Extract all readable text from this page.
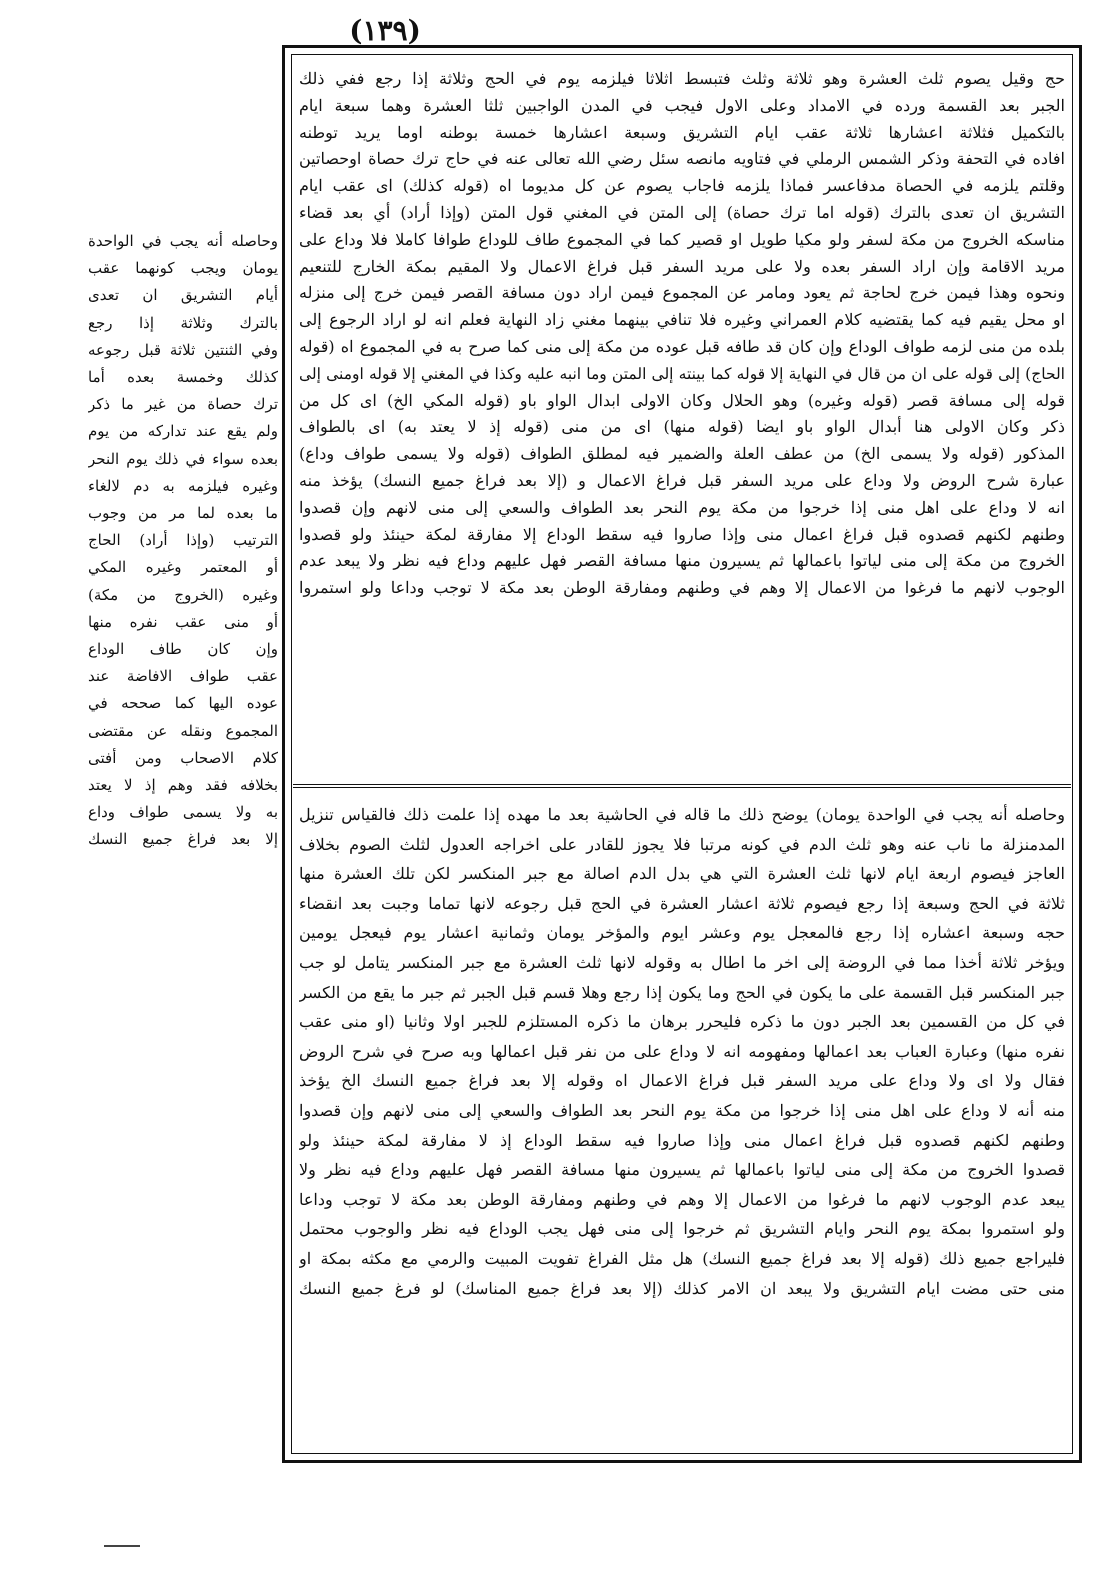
(١٣٩)
حج وقيل يصوم ثلث العشرة وهو ثلاثة وثلث فتبسط اثلاثا فيلزمه يوم في الحج وثلاثة إذا رجع ففي ذلك
الجبر بعد القسمة ورده في الامداد وعلى الاول فيجب في المدن الواجبين ثلثا العشرة وهما سبعة ايام
بالتكميل فثلاثة اعشارها ثلاثة عقب ايام التشريق وسبعة اعشارها خمسة بوطنه اوما يريد توطنه
افاده في التحفة وذكر الشمس الرملي في فتاويه مانصه سئل رضي الله تعالى عنه في حاج ترك حصاة اوحصاتين
وقلتم يلزمه في الحصاة مدفاعسر فماذا يلزمه فاجاب يصوم عن كل مديوما اه (قوله كذلك) اى عقب ايام
التشريق ان تعدى بالترك (قوله اما ترك حصاة) إلى المتن في المغني قول المتن (وإذا أراد) أي بعد قضاء
مناسكه الخروج من مكة لسفر ولو مكيا طويل او قصير كما في المجموع طاف للوداع طوافا كاملا فلا وداع على
مريد الاقامة وإن اراد السفر بعده ولا على مريد السفر قبل فراغ الاعمال ولا المقيم بمكة الخارج للتنعيم
ونحوه وهذا فيمن خرج لحاجة ثم يعود ومامر عن المجموع فيمن اراد دون مسافة القصر فيمن خرج إلى منزله
او محل يقيم فيه كما يقتضيه كلام العمراني وغيره فلا تنافي بينهما مغني زاد النهاية فعلم انه لو اراد الرجوع إلى
بلده من منى لزمه طواف الوداع وإن كان قد طافه قبل عوده من مكة إلى منى كما صرح به في المجموع اه (قوله
الحاج) إلى قوله على ان من قال في النهاية إلا قوله كما بينته إلى المتن وما انبه عليه وكذا في المغني إلا قوله اومنى إلى
قوله إلى مسافة قصر (قوله وغيره) وهو الحلال وكان الاولى ابدال الواو باو (قوله المكي الخ) اى كل من
ذكر وكان الاولى هنا أبدال الواو باو ايضا (قوله منها) اى من منى (قوله إذ لا يعتد به) اى بالطواف
المذكور (قوله ولا يسمى الخ) من عطف العلة والضمير فيه لمطلق الطواف (قوله ولا يسمى طواف وداع)
عبارة شرح الروض ولا وداع على مريد السفر قبل فراغ الاعمال و (إلا بعد فراغ جميع النسك) يؤخذ منه
انه لا وداع على اهل منى إذا خرجوا من مكة يوم النحر بعد الطواف والسعي إلى منى لانهم وإن قصدوا
وطنهم لكنهم قصدوه قبل فراغ اعمال منى وإذا صاروا فيه سقط الوداع إلا مفارقة لمكة حينئذ ولو قصدوا
الخروج من مكة إلى منى لياتوا باعمالها ثم يسيرون منها مسافة القصر فهل عليهم وداع فيه نظر ولا يبعد عدم
الوجوب لانهم ما فرغوا من الاعمال إلا وهم في وطنهم ومفارقة الوطن بعد مكة لا توجب وداعا ولو استمروا
وحاصله أنه يجب في الواحدة يومان) يوضح ذلك ما قاله في الحاشية بعد ما مهده إذا علمت ذلك فالقياس تنزيل
المدمنزلة ما ناب عنه وهو ثلث الدم في كونه مرتبا فلا يجوز للقادر على اخراجه العدول لثلث الصوم بخلاف
العاجز فيصوم اربعة ايام لانها ثلث العشرة التي هي بدل الدم اصالة مع جبر المنكسر لكن تلك العشرة منها
ثلاثة في الحج وسبعة إذا رجع فيصوم ثلاثة اعشار العشرة في الحج قبل رجوعه لانها تماما وجبت بعد انقضاء
حجه وسبعة اعشاره إذا رجع فالمعجل يوم وعشر ايوم والمؤخر يومان وثمانية اعشار يوم فيعجل يومين
ويؤخر ثلاثة أخذا مما في الروضة إلى اخر ما اطال به وقوله لانها ثلث العشرة مع جبر المنكسر يتامل لو جب
جبر المنكسر قبل القسمة على ما يكون في الحج وما يكون إذا رجع وهلا قسم قبل الجبر ثم جبر ما يقع من الكسر
في كل من القسمين بعد الجبر دون ما ذكره فليحرر برهان ما ذكره المستلزم للجبر اولا وثانيا (او منى عقب
نفره منها) وعبارة العباب بعد اعمالها ومفهومه انه لا وداع على من نفر قبل اعمالها وبه صرح في شرح الروض
فقال ولا اى ولا وداع على مريد السفر قبل فراغ الاعمال اه وقوله إلا بعد فراغ جميع النسك الخ يؤخذ
منه أنه لا وداع على اهل منى إذا خرجوا من مكة يوم النحر بعد الطواف والسعي إلى منى لانهم وإن قصدوا
وطنهم لكنهم قصدوه قبل فراغ اعمال منى وإذا صاروا فيه سقط الوداع إذ لا مفارقة لمكة حينئذ ولو
قصدوا الخروج من مكة إلى منى لياتوا باعمالها ثم يسيرون منها مسافة القصر فهل عليهم وداع فيه نظر ولا
يبعد عدم الوجوب لانهم ما فرغوا من الاعمال إلا وهم في وطنهم ومفارقة الوطن بعد مكة لا توجب وداعا
ولو استمروا بمكة يوم النحر وايام التشريق ثم خرجوا إلى منى فهل يجب الوداع فيه نظر والوجوب محتمل
فليراجع جميع ذلك (قوله إلا بعد فراغ جميع النسك) هل مثل الفراغ تفويت المبيت والرمي مع مكثه بمكة او
منى حتى مضت ايام التشريق ولا يبعد ان الامر كذلك (إلا بعد فراغ جميع المناسك) لو فرغ جميع النسك
وحاصله أنه يجب في الواحدة
يومان ويجب كونهما عقب
أيام التشريق ان تعدى
بالترك وثلاثة إذا رجع
وفي الثنتين ثلاثة قبل رجوعه
كذلك وخمسة بعده أما
ترك حصاة من غير ما ذكر
ولم يقع عند تداركه من يوم
بعده سواء في ذلك يوم النحر
وغيره فيلزمه به دم لالغاء
ما بعده لما مر من وجوب
الترتيب (وإذا أراد) الحاج
أو المعتمر وغيره المكي
وغيره (الخروج من مكة)
أو منى عقب نفره منها
وإن كان طاف الوداع
عقب طواف الافاضة عند
عوده اليها كما صححه في
المجموع ونقله عن مقتضى
كلام الاصحاب ومن أفتى
بخلافه فقد وهم إذ لا يعتد
به ولا يسمى طواف وداع
إلا بعد فراغ جميع النسك
